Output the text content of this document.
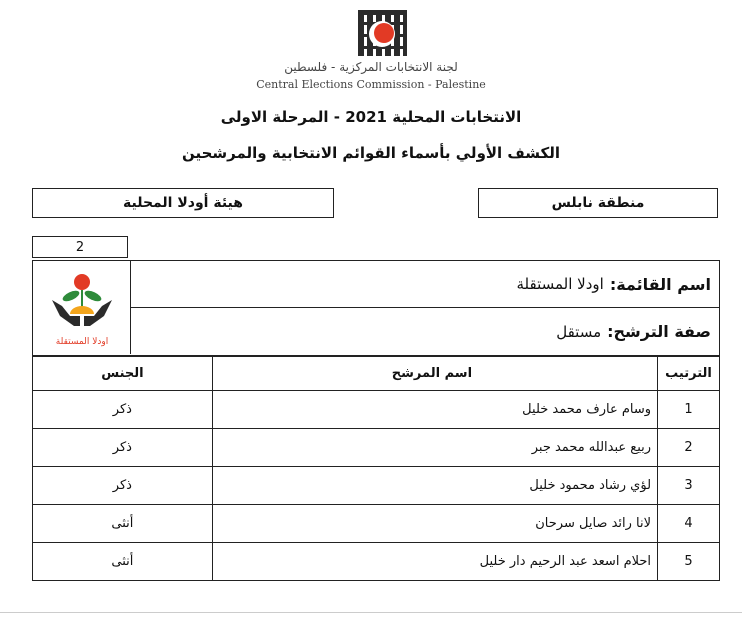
لجنة الانتخابات المركزية - فلسطين
Central Elections Commission - Palestine
الانتخابات المحلية 2021 - المرحلة الاولى
الكشف الأولي بأسماء القوائم الانتخابية والمرشحين
منطقة نابلس
هيئة أودلا المحلية
2
اودلا المستقلة
اسم القائمة:
اودلا المستقلة
صفة الترشح:
مستقل
الترتيب	اسم المرشح	الجنس
1	وسام عارف محمد خليل	ذكر
2	ربيع عبدالله محمد جبر	ذكر
3	لؤي رشاد محمود خليل	ذكر
4	لانا رائد صايل سرحان	أنثى
5	احلام اسعد عبد الرحيم دار خليل	أنثى
